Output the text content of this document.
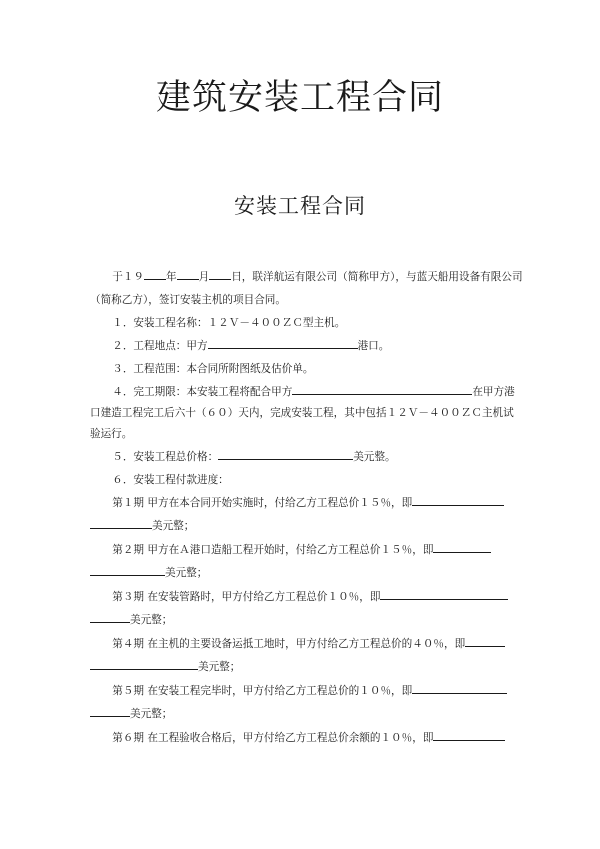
建筑安装工程合同
安装工程合同

于１９ 年 月 日，联洋航运有限公司（简称甲方），与蓝天船用设备有限公司

（简称乙方），签订安装主机的项目合同。

１．安装工程名称：１２Ｖ－４００ＺＣ型主机。

２．工程地点：甲方	港口。

３．工程范围：本合同所附图纸及估价单。

４．完工期限：本安装工程将配合甲方	在甲方港

口建造工程完工后六十（６０）天内，完成安装工程，其中包括１２Ｖ－４００ＺＣ主机试

验运行。

５．安装工程总价格：	美元整。

６．安装工程付款进度：

第１期 甲方在本合同开始实施时，付给乙方工程总价１５％，即

美元整；

第２期 甲方在Ａ港口造船工程开始时，付给乙方工程总价１５％，即

美元整；

第３期 在安装管路时，甲方付给乙方工程总价１０％，即

美元整；

第４期 在主机的主要设备运抵工地时，甲方付给乙方工程总价的４０％，即

美元整；

第５期 在安装工程完毕时，甲方付给乙方工程总价的１０％，即

美元整；

第６期 在工程验收合格后，甲方付给乙方工程总价余额的１０％，即
